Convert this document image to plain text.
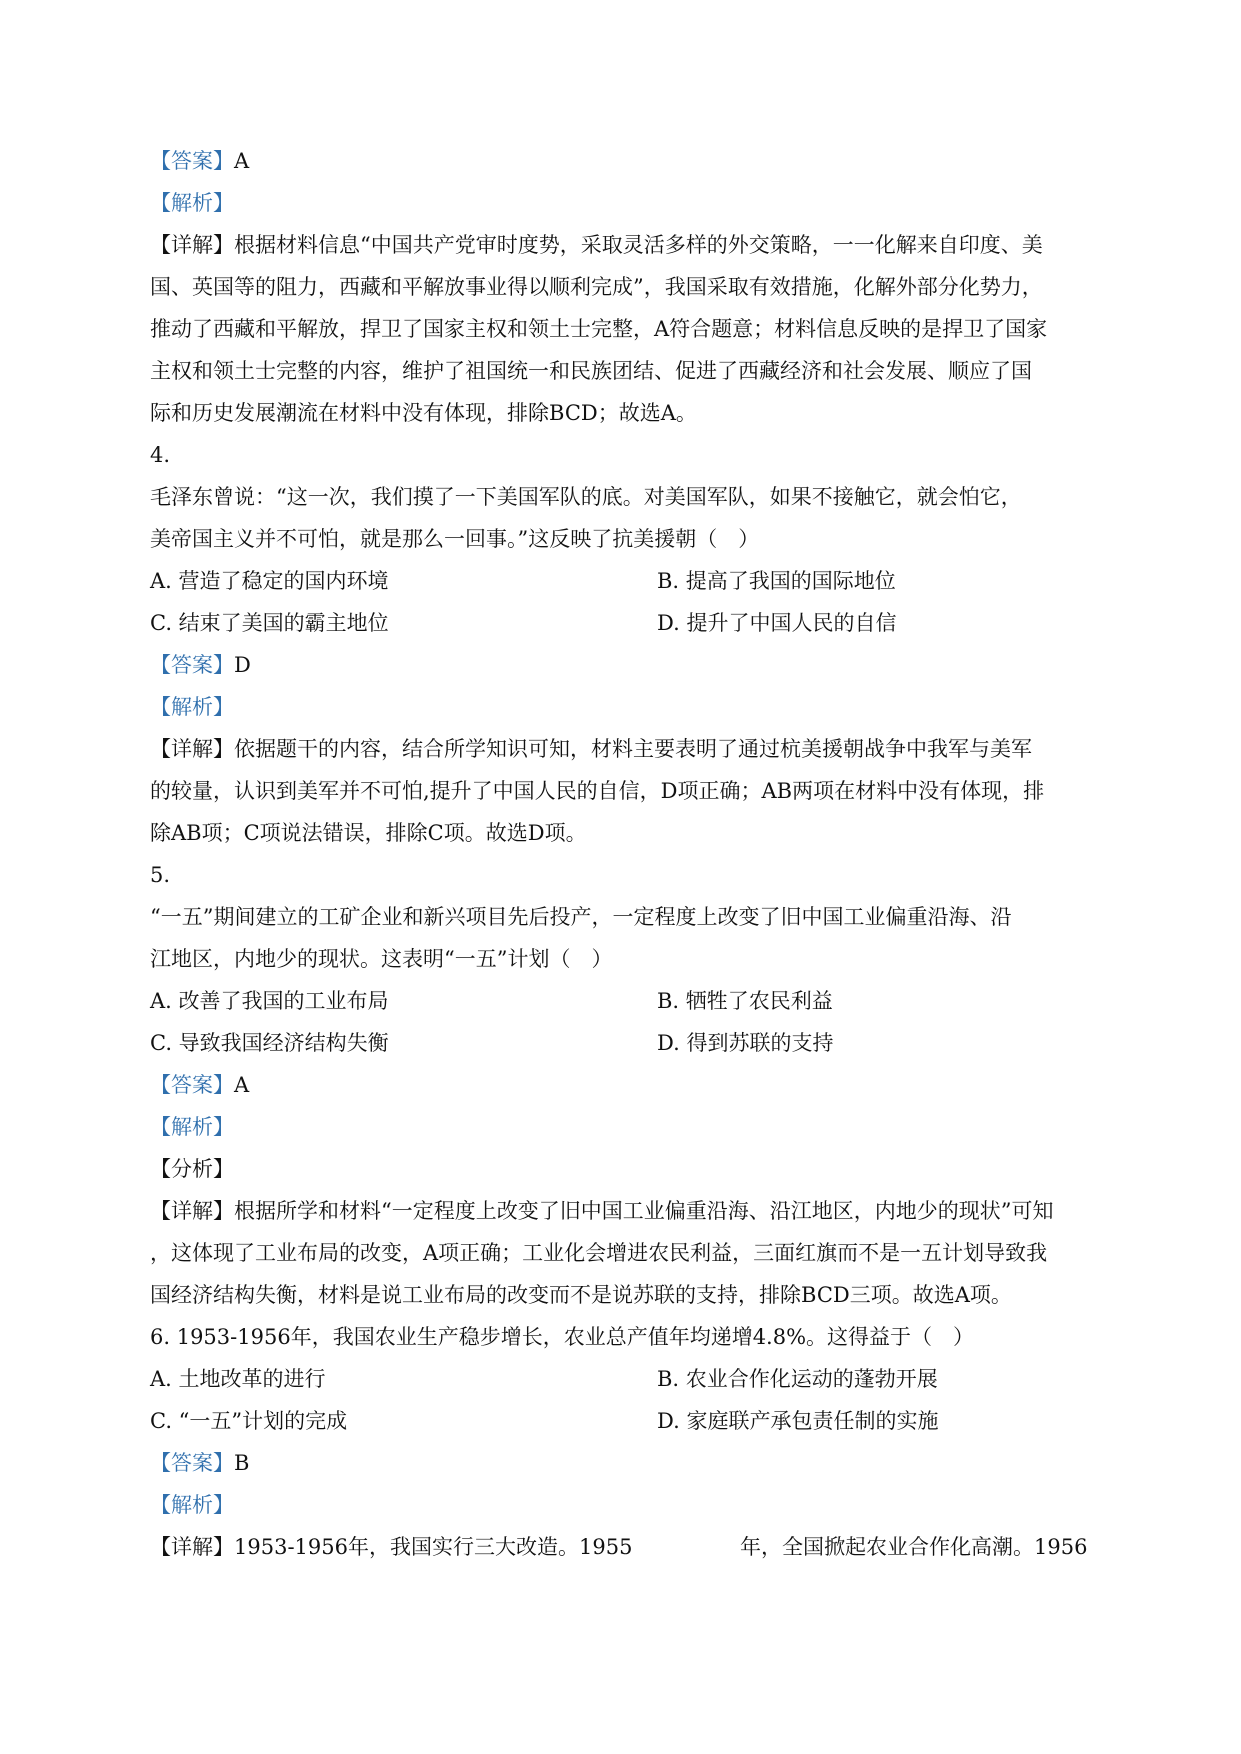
【答案】A
【解析】
【详解】根据材料信息“中国共产党审时度势，采取灵活多样的外交策略，一一化解来自印度、美
国、英国等的阻力，西藏和平解放事业得以顺利完成”，我国采取有效措施，化解外部分化势力，
推动了西藏和平解放，捍卫了国家主权和领土士完整，A符合题意；材料信息反映的是捍卫了国家
主权和领土士完整的内容，维护了祖国统一和民族团结、促进了西藏经济和社会发展、顺应了国
际和历史发展潮流在材料中没有体现，排除BCD；故选A。
4.
毛泽东曾说：“这一次，我们摸了一下美国军队的底。对美国军队，如果不接触它，就会怕它，
美帝国主义并不可怕，就是那么一回事。”这反映了抗美援朝（　）
A. 营造了稳定的国内环境	B. 提高了我国的国际地位
C. 结束了美国的霸主地位	D. 提升了中国人民的自信
【答案】D
【解析】
【详解】依据题干的内容，结合所学知识可知，材料主要表明了通过杭美援朝战争中我军与美军
的较量，认识到美军并不可怕,提升了中国人民的自信，D项正确；AB两项在材料中没有体现，排
除AB项；C项说法错误，排除C项。故选D项。
5.
“一五”期间建立的工矿企业和新兴项目先后投产，一定程度上改变了旧中国工业偏重沿海、沿
江地区，内地少的现状。这表明“一五”计划（　）
A. 改善了我国的工业布局	B. 牺牲了农民利益
C. 导致我国经济结构失衡	D. 得到苏联的支持
【答案】A
【解析】
【分析】
【详解】根据所学和材料“一定程度上改变了旧中国工业偏重沿海、沿江地区，内地少的现状”可知
，这体现了工业布局的改变，A项正确；工业化会增进农民利益，三面红旗而不是一五计划导致我
国经济结构失衡，材料是说工业布局的改变而不是说苏联的支持，排除BCD三项。故选A项。
6. 1953-1956年，我国农业生产稳步增长，农业总产值年均递增4.8%。这得益于（　）
A. 土地改革的进行	B. 农业合作化运动的蓬勃开展
C. “一五”计划的完成	D. 家庭联产承包责任制的实施
【答案】B
【解析】
【详解】1953-1956年，我国实行三大改造。1955	年，全国掀起农业合作化高潮。1956
